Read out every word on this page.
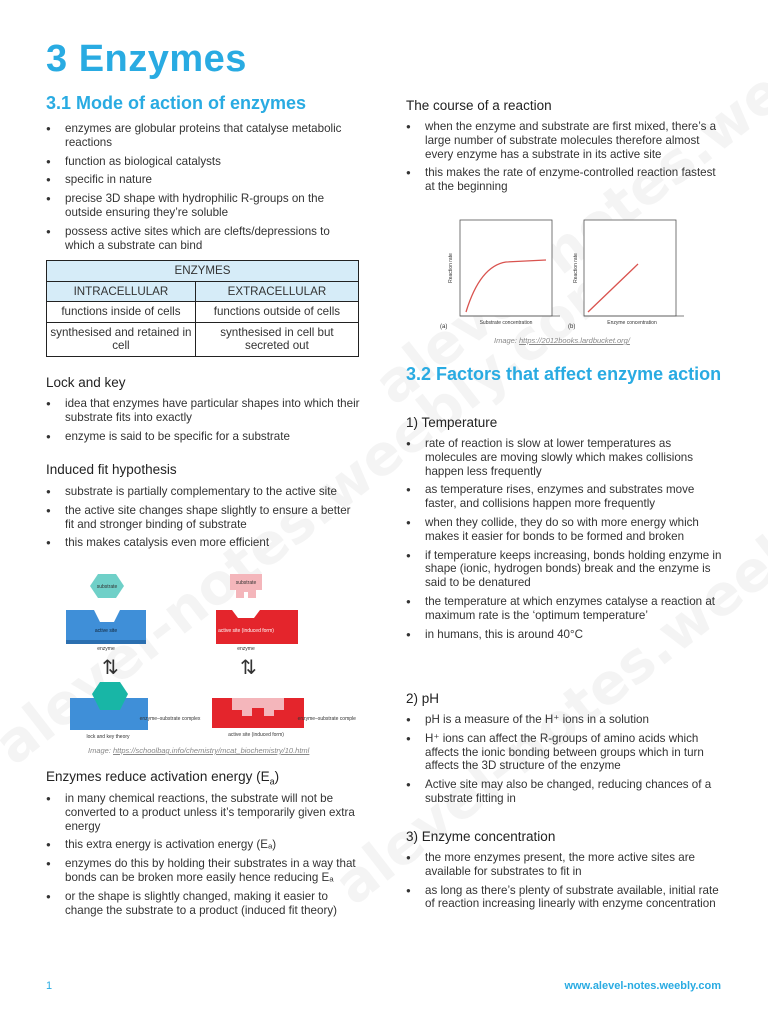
3 Enzymes
3.1 Mode of action of enzymes
● enzymes are globular proteins that catalyse metabolic reactions
● function as biological catalysts
● specific in nature
● precise 3D shape with hydrophilic R-groups on the outside ensuring they’re soluble
● possess active sites which are clefts/depressions to which a substrate can bind
ENZYMES	
INTRACELLULAR	EXTRACELLULAR
functions inside of cells	functions outside of cells
synthesised and retained in cell	synthesised in cell but secreted out
Lock and key
● idea that enzymes have particular shapes into which their substrate fits into exactly
● enzyme is said to be specific for a substrate
Induced fit hypothesis
● substrate is partially complementary to the active site
● the active site changes shape slightly to ensure a better fit and stronger binding of substrate
● this makes catalysis even more efficient
substrate
active site
enzyme
⇅
lock and key theory
enzyme–substrate complex
substrate
active site (induced form)
enzyme
⇅
active site (induced form)
enzyme–substrate complex
Image: https://schoolbag.info/chemistry/mcat_biochemistry/10.html
Enzymes reduce activation energy $(E_a)$
● in many chemical reactions, the substrate will not be converted to a product unless it’s temporarily given extra energy
● this extra energy is activation energy (Eₐ)
● enzymes do this by holding their substrates in a way that bonds can be broken more easily hence reducing Eₐ
● or the shape is slightly changed, making it easier to change the substrate to a product (induced fit theory)
The course of a reaction
● when the enzyme and substrate are first mixed, there’s a large number of substrate molecules therefore almost every enzyme has a substrate in its active site
● this makes the rate of enzyme-controlled reaction fastest at the beginning
Substrate concentration
Reaction rate
(a)
Enzyme concentration
Reaction rate
(b)
Image: https://2012books.lardbucket.org/
3.2 Factors that affect enzyme action
1) Temperature
● rate of reaction is slow at lower temperatures as molecules are moving slowly which makes collisions happen less frequently
● as temperature rises, enzymes and substrates move faster, and collisions happen more frequently
● when they collide, they do so with more energy which makes it easier for bonds to be formed and broken
● if temperature keeps increasing, bonds holding enzyme in shape (ionic, hydrogen bonds) break and the enzyme is said to be denatured
● the temperature at which enzymes catalyse a reaction at maximum rate is the ‘optimum temperature’
● in humans, this is around 40°C
2) pH
● pH is a measure of the H⁺ ions in a solution
● H⁺ ions can affect the R-groups of amino acids which affects the ionic bonding between groups which in turn affects the 3D structure of the enzyme
● Active site may also be changed, reducing chances of a substrate fitting in
3) Enzyme concentration
● the more enzymes present, the more active sites are available for substrates to fit in
● as long as there’s plenty of substrate available, initial rate of reaction increasing linearly with enzyme concentration
1	www.alevel-notes.weebly.com
